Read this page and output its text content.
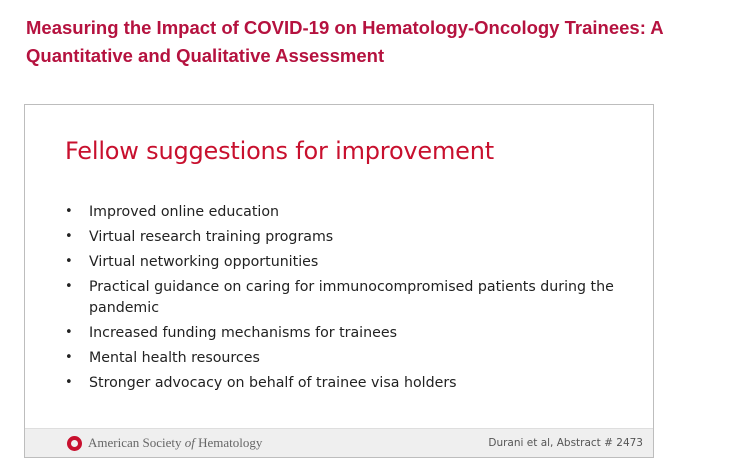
Measuring the Impact of COVID-19 on Hematology-Oncology Trainees: A Quantitative and Qualitative Assessment
Fellow suggestions for improvement
•	Improved online education
•	Virtual research training programs
•	Virtual networking opportunities
•	Practical guidance on caring for immunocompromised patients during the pandemic
•	Increased funding mechanisms for trainees
•	Mental health resources
•	Stronger advocacy on behalf of trainee visa holders
American Society of Hematology	Durani et al, Abstract # 2473
